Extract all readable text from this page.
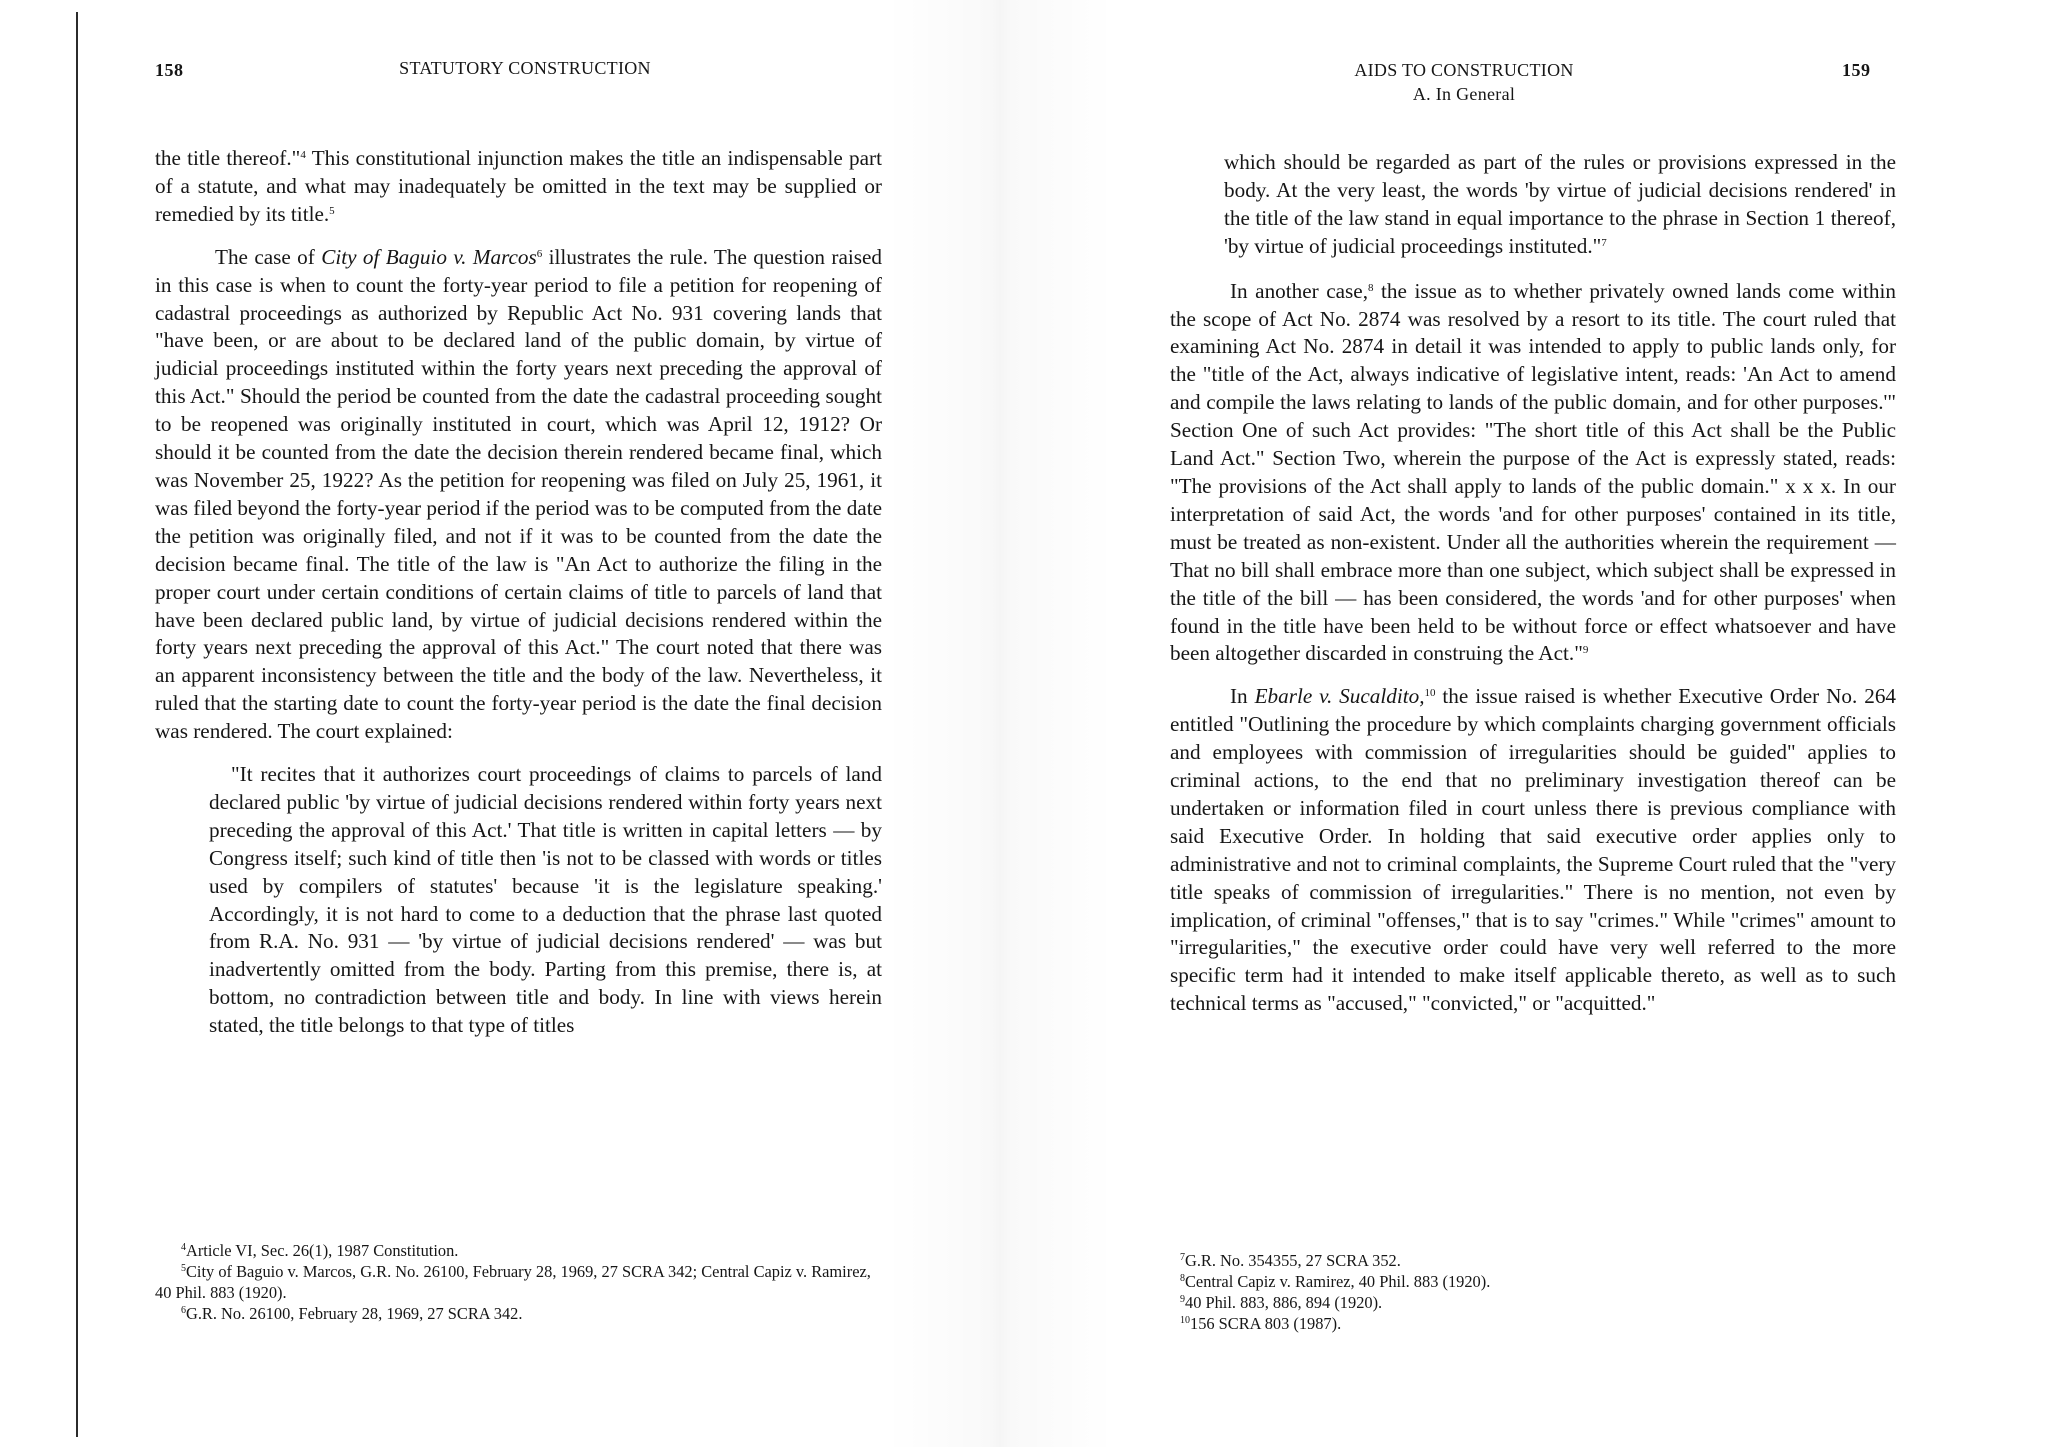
158	STATUTORY CONSTRUCTION

the title thereof."$^4$ This constitutional injunction makes the title an indispensable part of a statute, and what may inadequately be omitted in the text may be supplied or remedied by its title.$^5$

The case of City of Baguio v. Marcos$^6$ illustrates the rule. The question raised in this case is when to count the forty-year period to file a petition for reopening of cadastral proceedings as authorized by Republic Act No. 931 covering lands that "have been, or are about to be declared land of the public domain, by virtue of judicial proceedings instituted within the forty years next preceding the approval of this Act." Should the period be counted from the date the cadastral proceeding sought to be reopened was originally instituted in court, which was April 12, 1912? Or should it be counted from the date the decision therein rendered became final, which was November 25, 1922? As the petition for reopening was filed on July 25, 1961, it was filed beyond the forty-year period if the period was to be computed from the date the petition was originally filed, and not if it was to be counted from the date the decision became final. The title of the law is "An Act to authorize the filing in the proper court under certain conditions of certain claims of title to parcels of land that have been declared public land, by virtue of judicial decisions rendered within the forty years next preceding the approval of this Act." The court noted that there was an apparent inconsistency between the title and the body of the law. Nevertheless, it ruled that the starting date to count the forty-year period is the date the final decision was rendered. The court explained:

"It recites that it authorizes court proceedings of claims to parcels of land declared public 'by virtue of judicial decisions rendered within forty years next preceding the approval of this Act.' That title is written in capital letters — by Congress itself; such kind of title then 'is not to be classed with words or titles used by compilers of statutes' because 'it is the legislature speaking.' Accordingly, it is not hard to come to a deduction that the phrase last quoted from R.A. No. 931 — 'by virtue of judicial decisions rendered' — was but inadvertently omitted from the body. Parting from this premise, there is, at bottom, no contradiction between title and body. In line with views herein stated, the title belongs to that type of titles

$^4$Article VI, Sec. 26(1), 1987 Constitution.

$^5$City of Baguio v. Marcos, G.R. No. 26100, February 28, 1969, 27 SCRA 342; Central Capiz v. Ramirez, 40 Phil. 883 (1920).

$^6$G.R. No. 26100, February 28, 1969, 27 SCRA 342.

AIDS TO CONSTRUCTION
A. In General
159

which should be regarded as part of the rules or provisions expressed in the body. At the very least, the words 'by virtue of judicial decisions rendered' in the title of the law stand in equal importance to the phrase in Section 1 thereof, 'by virtue of judicial proceedings instituted."$^7$

In another case,$^8$ the issue as to whether privately owned lands come within the scope of Act No. 2874 was resolved by a resort to its title. The court ruled that examining Act No. 2874 in detail it was intended to apply to public lands only, for the "title of the Act, always indicative of legislative intent, reads: 'An Act to amend and compile the laws relating to lands of the public domain, and for other purposes.'" Section One of such Act provides: "The short title of this Act shall be the Public Land Act." Section Two, wherein the purpose of the Act is expressly stated, reads: "The provisions of the Act shall apply to lands of the public domain." x x x. In our interpretation of said Act, the words 'and for other purposes' contained in its title, must be treated as non-existent. Under all the authorities wherein the requirement — That no bill shall embrace more than one subject, which subject shall be expressed in the title of the bill — has been considered, the words 'and for other purposes' when found in the title have been held to be without force or effect whatsoever and have been altogether discarded in construing the Act."$^9$

In Ebarle v. Sucaldito,$^{10}$ the issue raised is whether Executive Order No. 264 entitled "Outlining the procedure by which complaints charging government officials and employees with commission of irregularities should be guided" applies to criminal actions, to the end that no preliminary investigation thereof can be undertaken or information filed in court unless there is previous compliance with said Executive Order. In holding that said executive order applies only to administrative and not to criminal complaints, the Supreme Court ruled that the "very title speaks of commission of irregularities." There is no mention, not even by implication, of criminal "offenses," that is to say "crimes." While "crimes" amount to "irregularities," the executive order could have very well referred to the more specific term had it intended to make itself applicable thereto, as well as to such technical terms as "accused," "convicted," or "acquitted."

$^7$G.R. No. 354355, 27 SCRA 352.

$^8$Central Capiz v. Ramirez, 40 Phil. 883 (1920).

$^9$40 Phil. 883, 886, 894 (1920).

$^{10}$156 SCRA 803 (1987).
